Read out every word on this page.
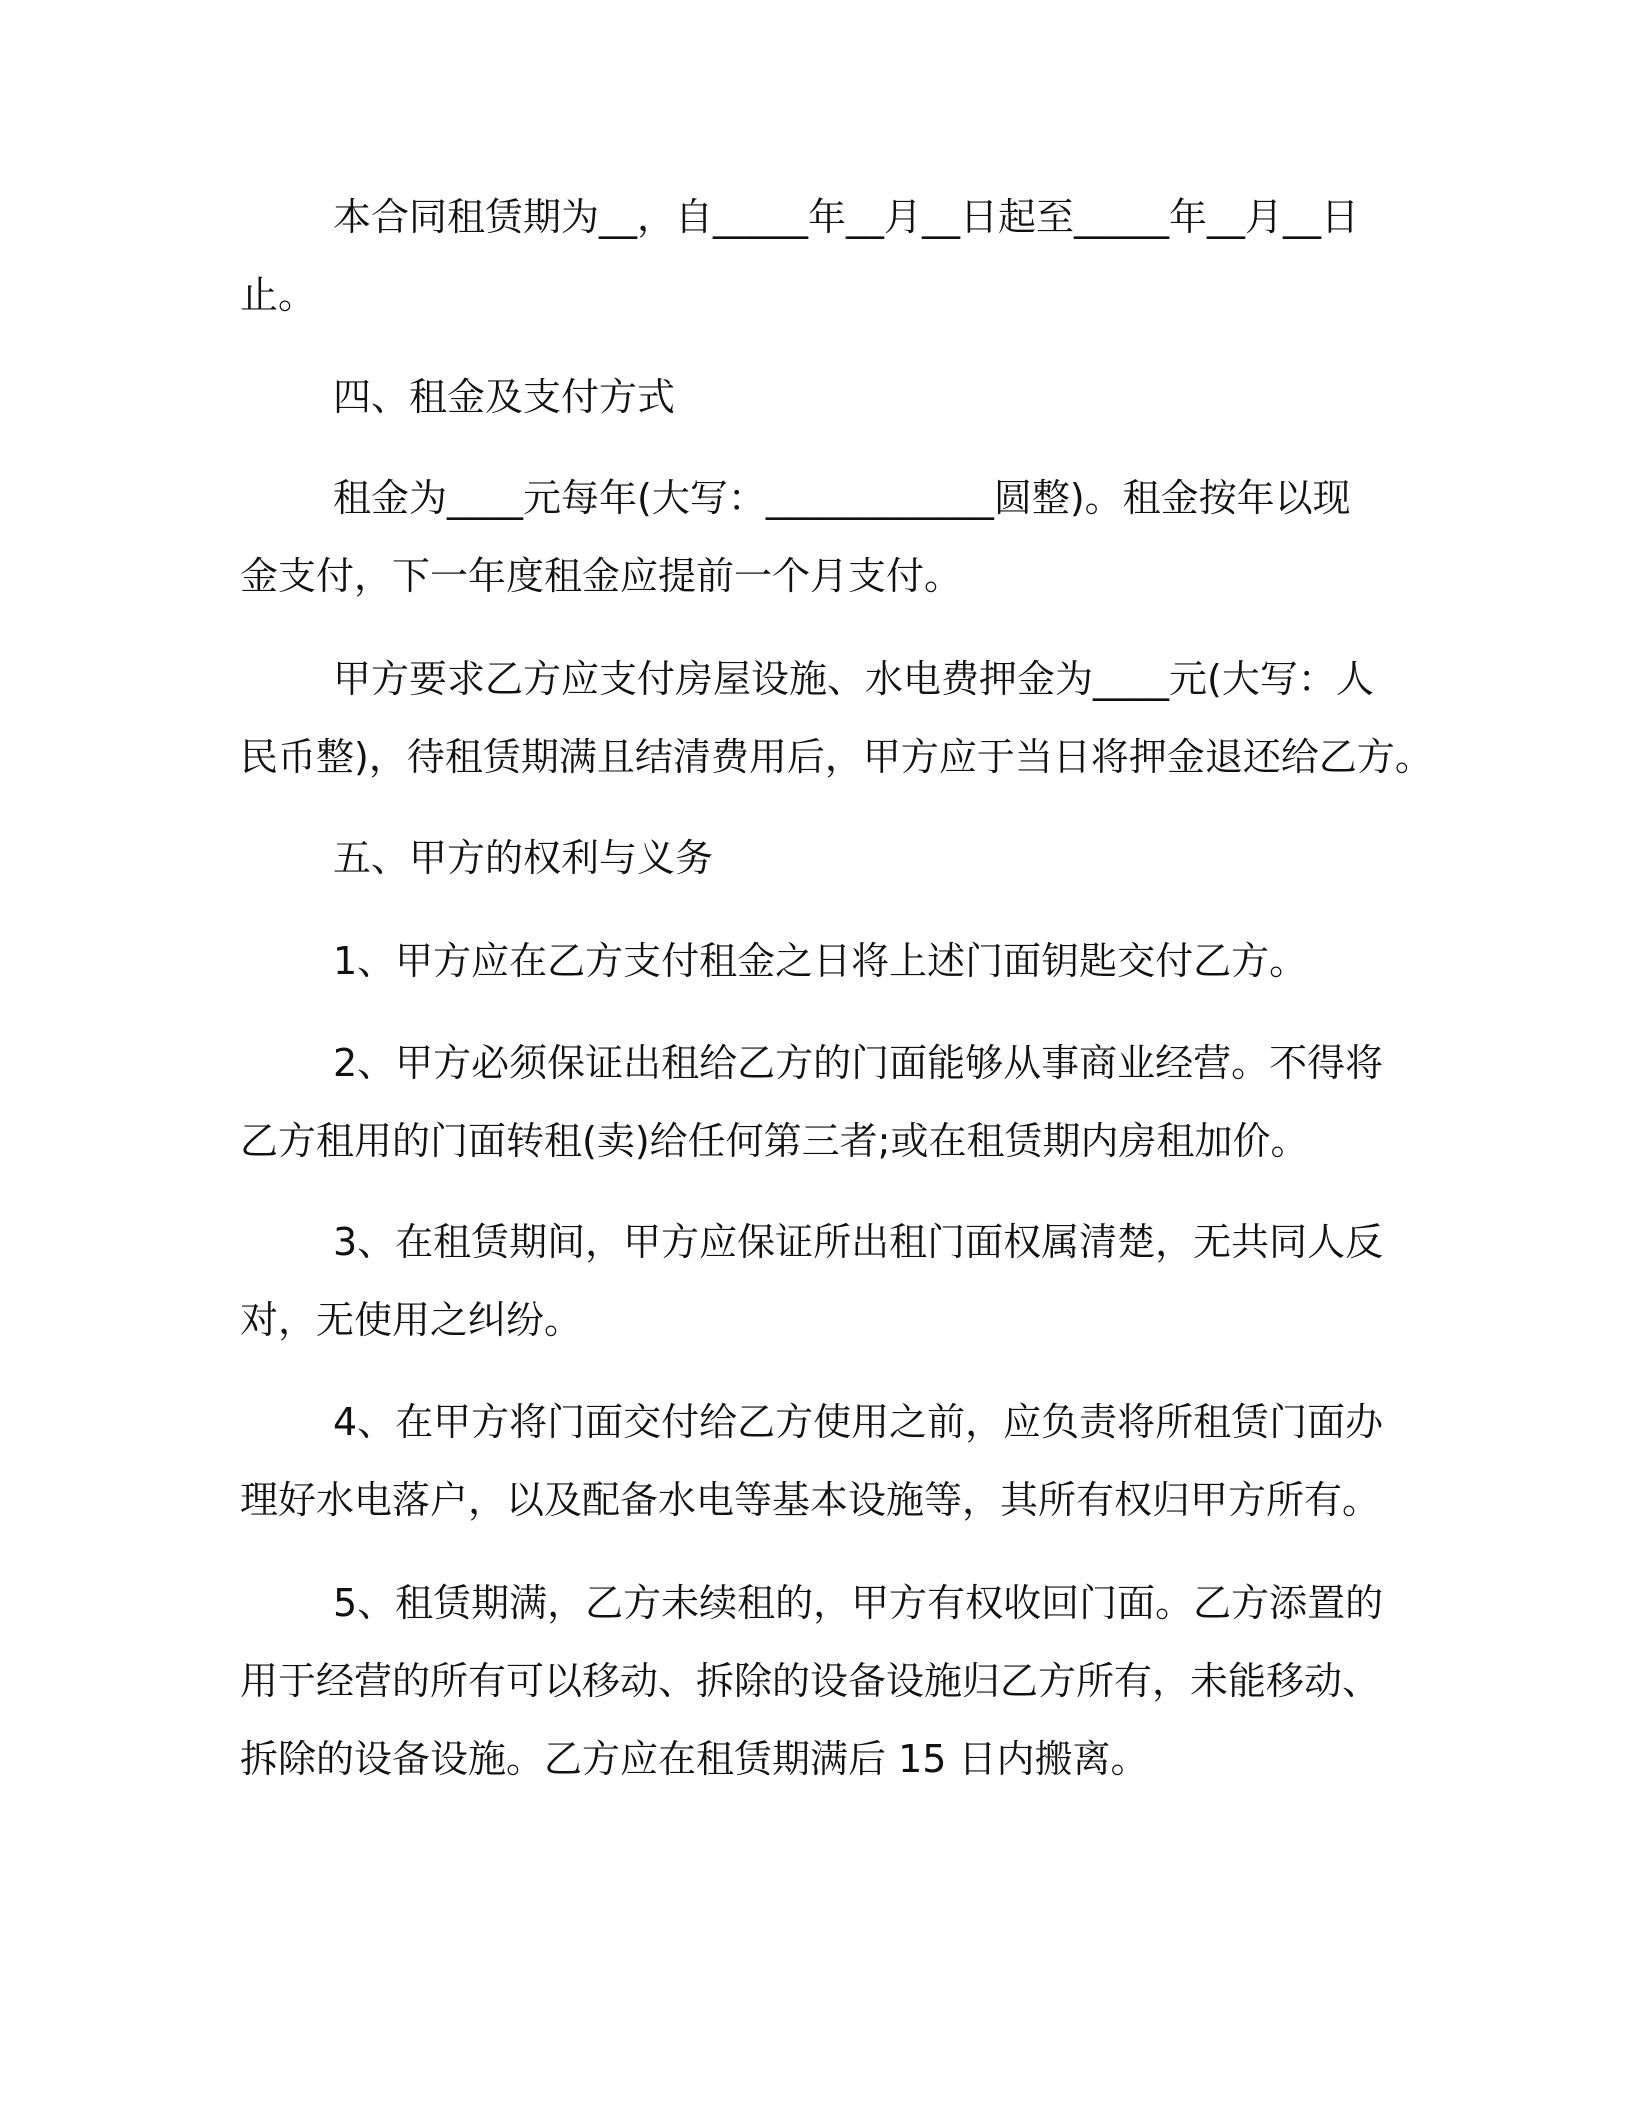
本合同租赁期为__，自_____年__月__日起至_____年__月__日

止。

四、租金及支付方式

租金为____元每年(大写：____________圆整)。租金按年以现

金支付，下一年度租金应提前一个月支付。

甲方要求乙方应支付房屋设施、水电费押金为____元(大写：人

民币整)，待租赁期满且结清费用后，甲方应于当日将押金退还给乙方。

五、甲方的权利与义务

1、甲方应在乙方支付租金之日将上述门面钥匙交付乙方。

2、甲方必须保证出租给乙方的门面能够从事商业经营。不得将

乙方租用的门面转租(卖)给任何第三者;或在租赁期内房租加价。

3、在租赁期间，甲方应保证所出租门面权属清楚，无共同人反

对，无使用之纠纷。

4、在甲方将门面交付给乙方使用之前，应负责将所租赁门面办

理好水电落户，以及配备水电等基本设施等，其所有权归甲方所有。

5、租赁期满，乙方未续租的，甲方有权收回门面。乙方添置的

用于经营的所有可以移动、拆除的设备设施归乙方所有，未能移动、

拆除的设备设施。乙方应在租赁期满后 15 日内搬离。
